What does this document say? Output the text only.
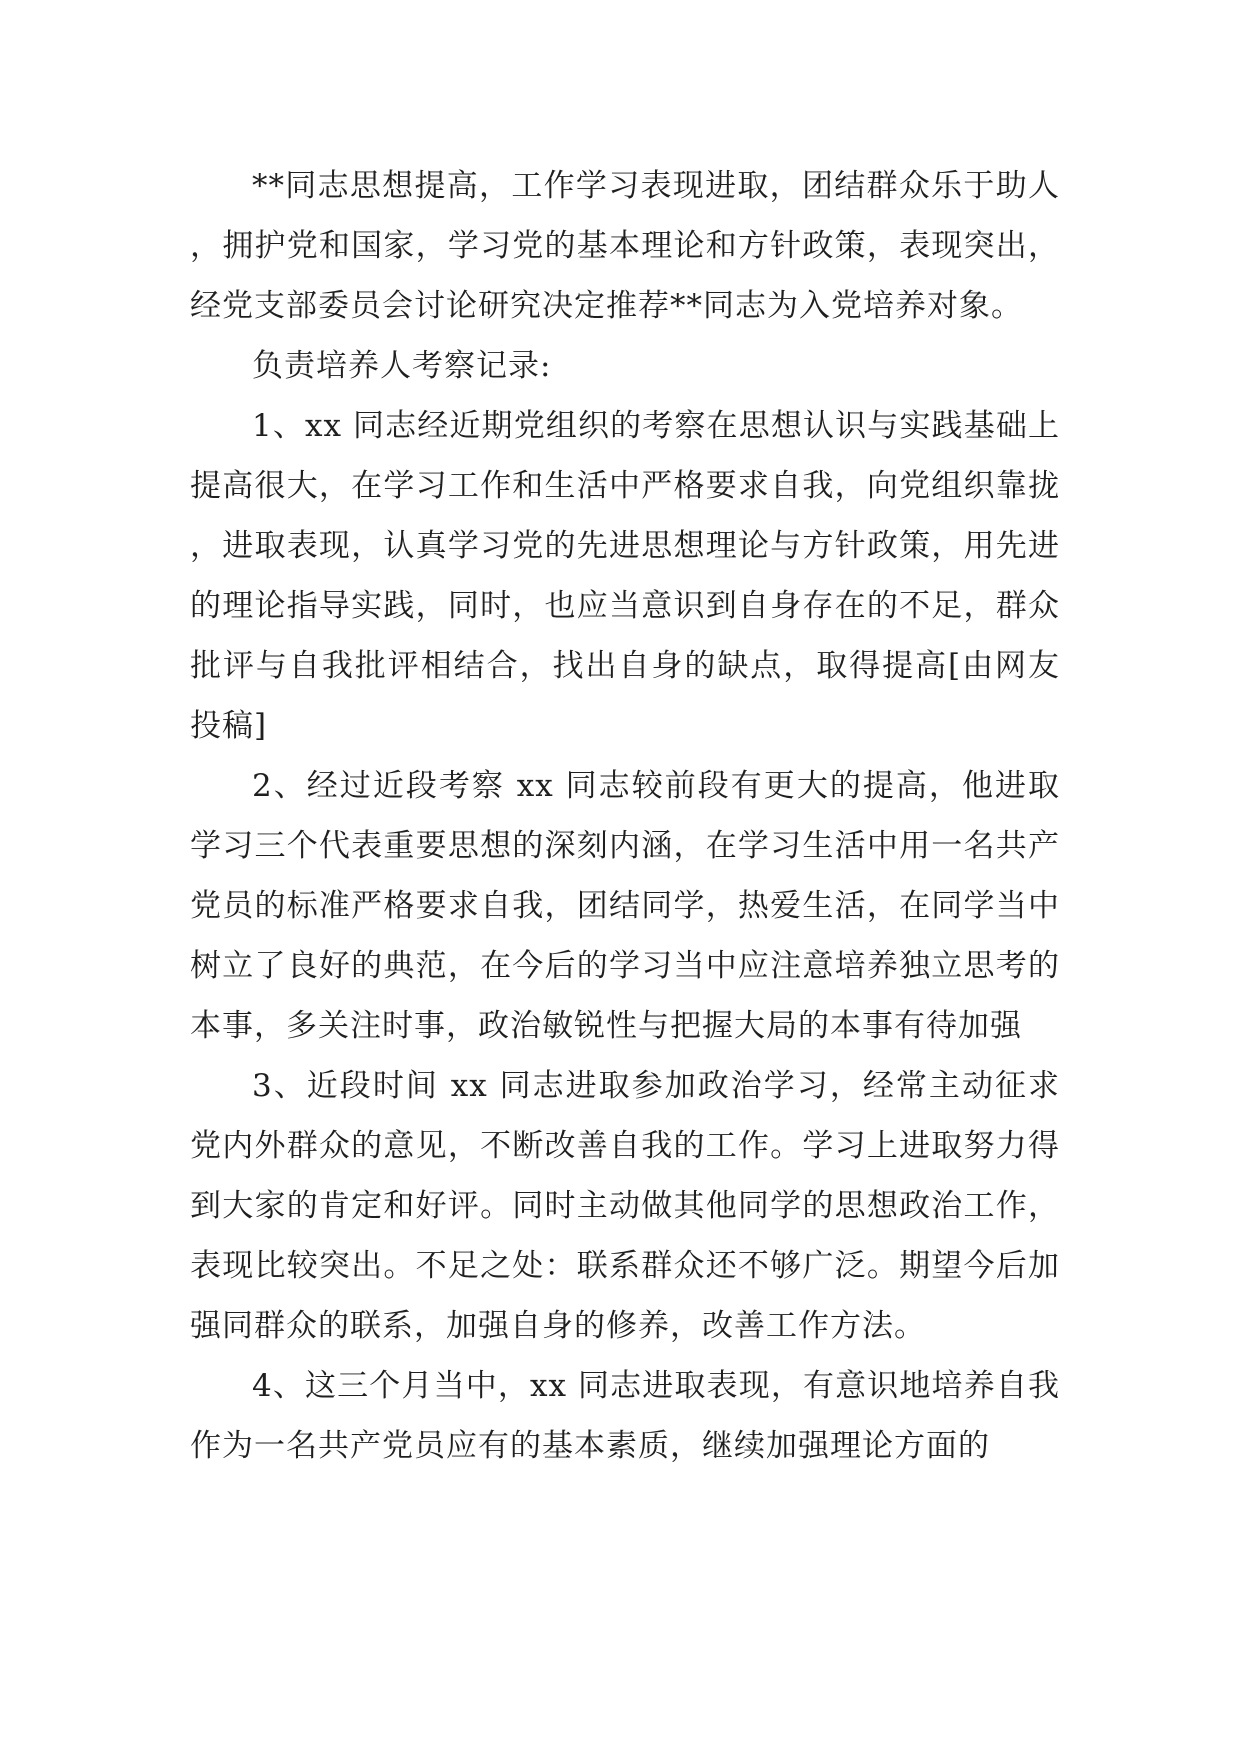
**同志思想提高，工作学习表现进取，团结群众乐于助人，拥护党和国家，学习党的基本理论和方针政策，表现突出，经党支部委员会讨论研究决定推荐**同志为入党培养对象。

负责培养人考察记录:

1、xx 同志经近期党组织的考察在思想认识与实践基础上提高很大，在学习工作和生活中严格要求自我，向党组织靠拢，进取表现，认真学习党的先进思想理论与方针政策，用先进的理论指导实践，同时，也应当意识到自身存在的不足，群众批评与自我批评相结合，找出自身的缺点，取得提高[由网友投稿]

2、经过近段考察 xx 同志较前段有更大的提高，他进取学习三个代表重要思想的深刻内涵，在学习生活中用一名共产党员的标准严格要求自我，团结同学，热爱生活，在同学当中树立了良好的典范，在今后的学习当中应注意培养独立思考的本事，多关注时事，政治敏锐性与把握大局的本事有待加强

3、近段时间 xx 同志进取参加政治学习，经常主动征求党内外群众的意见，不断改善自我的工作。学习上进取努力得到大家的肯定和好评。同时主动做其他同学的思想政治工作，表现比较突出。不足之处：联系群众还不够广泛。期望今后加强同群众的联系，加强自身的修养，改善工作方法。

4、这三个月当中，xx 同志进取表现，有意识地培养自我作为一名共产党员应有的基本素质，继续加强理论方面的
